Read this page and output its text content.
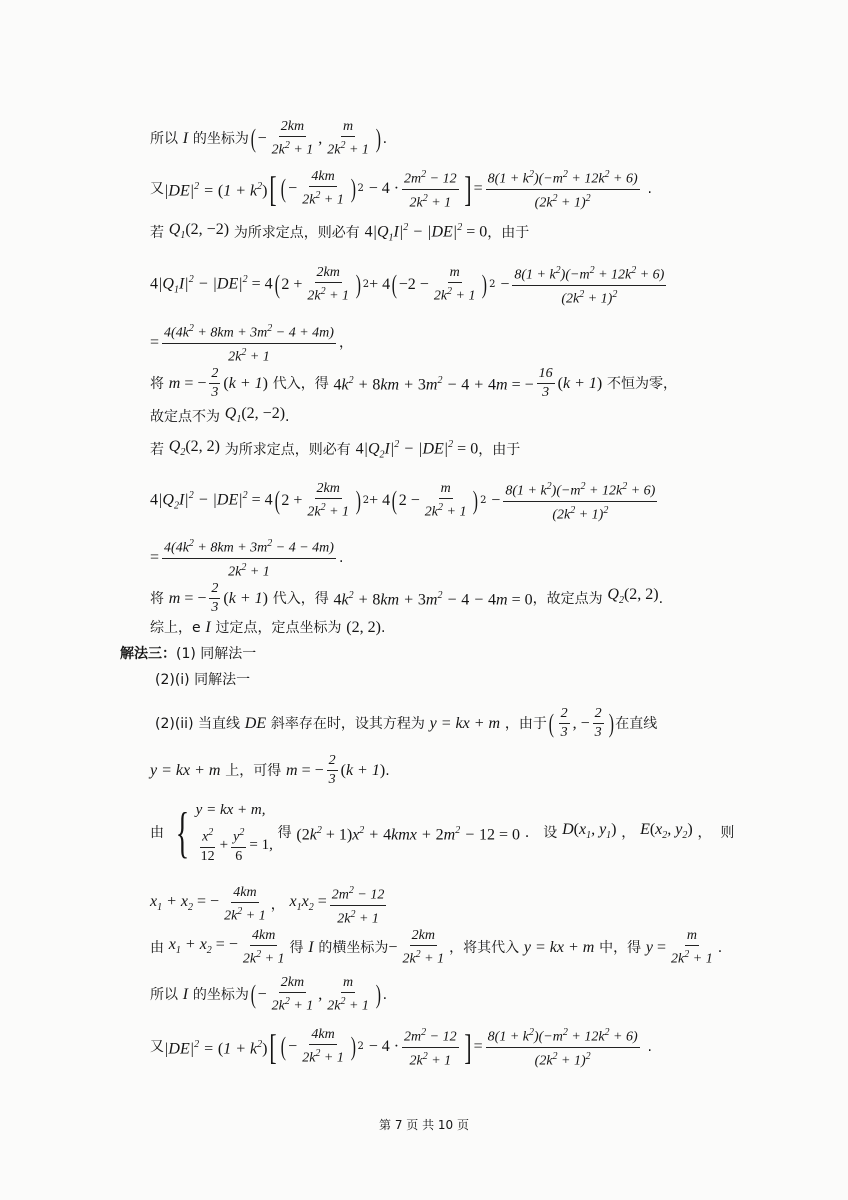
所以
I
的坐标为 ( − $\frac{2km}{2k^2 + 1}$ ,
m
$2k^2 + 1$ ) .
又 $|DE|^2 = (1 + k^2)$ [ ( − $\frac{4km}{2k^2 + 1}$ ) 2
− 4 ·
$2m^2 - 12$
$2k^2 + 1$ ] = $\frac{8(1 + k^2)(-m^2 + 12k^2 + 6)}{(2k^2 + 1)^2}$
.
若
$Q_1(2$, −2)
为所求定点，则必有
$4|Q_1I|^2 - |DE|^2 = 0$ ，由于
$4|Q_1I|^2 - |DE|^2 = 4$ ( $2 + \frac{2km}{2k^2 + 1}$ ) 2 + 4 ( $-2 - \frac{m}{2k^2 + 1}$ ) 2
− $\frac{8(1 + k^2)(-m^2 + 12k^2 + 6)}{(2k^2 + 1)^2}$
= $\frac{4(4k^2 + 8km + 3m^2 - 4 + 4m)}{2k^2 + 1}$ ，
将
m = − $\frac{2}{3} (k + 1)$
代入，得
$4k^2 + 8km + 3m^2 - 4 + 4m$ = − $\frac{16}{3} (k + 1)$
不恒为零，
故定点不为
$Q_1(2$, −2) .
若
$Q_2(2$, 2)
为所求定点，则必有
$4|Q_2I|^2 - |DE|^2 = 0$ ，由于
$4|Q_2I|^2 - |DE|^2 = 4$ ( $2 + \frac{2km}{2k^2 + 1}$ ) 2 + 4 ( $2 - \frac{m}{2k^2 + 1}$ ) 2
− $\frac{8(1 + k^2)(-m^2 + 12k^2 + 6)}{(2k^2 + 1)^2}$
= $\frac{4(4k^2 + 8km + 3m^2 - 4 - 4m)}{2k^2 + 1}$ .
将
m = − $\frac{2}{3} (k + 1)$
代入，得
$4k^2 + 8km + 3m^2 - 4 - 4m = 0$ ，故定点为
$Q_2(2$, 2) .
综上，e
I
过定点，定点坐标为
(2, 2) .
解法三： (1) 同解法一
(2)(i) 同解法一
(2)(ii) 当直线
DE
斜率存在时，设其方程为
y = kx + m
，由于 ( 2
3
, − $\frac{2}{3}$ ) 在直线
y = kx + m
上，可得
m = − $\frac{2}{3} (k + 1)$ .
由
{ y = kx + m,
$x^2$
12
+ $\frac{y^2}{6} = 1$,

得
$(2k^2 + 1)x^2 + 4kmx + 2m^2 - 12 = 0$
． 设
$D(x_1$, $y_1$)
，
$E(x_2$, $y_2$)
，  则
$x_1 + x_2$ = − $\frac{4km}{2k^2 + 1}$ ，
$x_1x_2 = \frac{2m^2 - 12}{2k^2 + 1}$
由
$x_1 + x_2$ = − $\frac{4km}{2k^2 + 1}$ 得
I
的横坐标为 − $\frac{2km}{2k^2 + 1}$ ，将其代入
y = kx + m
中，得
$y = \frac{m}{2k^2 + 1}$ .
所以
I
的坐标为 ( − $\frac{2km}{2k^2 + 1}$ ,
m
$2k^2 + 1$ ) .
又 $|DE|^2 = (1 + k^2)$ [ ( − $\frac{4km}{2k^2 + 1}$ ) 2
− 4 ·
$2m^2 - 12$
$2k^2 + 1$ ] = $\frac{8(1 + k^2)(-m^2 + 12k^2 + 6)}{(2k^2 + 1)^2}$
.
第 7 页 共 10 页
